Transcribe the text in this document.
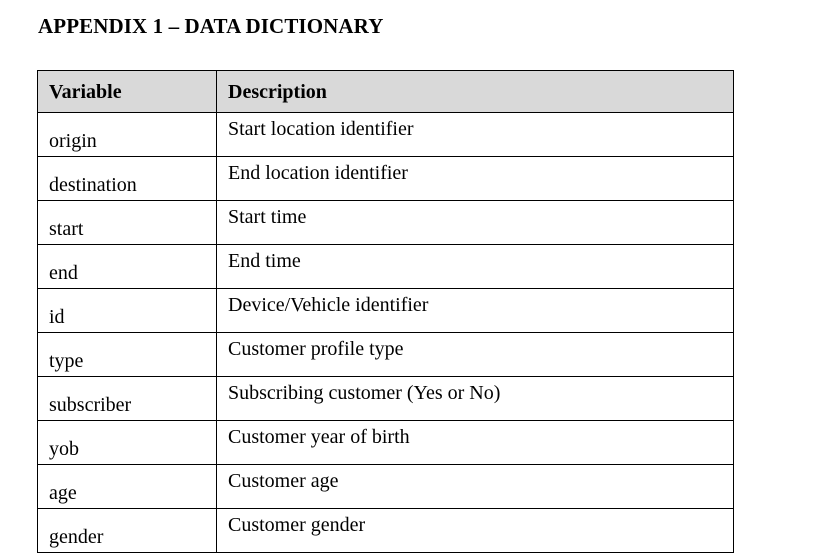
APPENDIX 1 – DATA DICTIONARY
Variable	Description
origin	Start location identifier
destination	End location identifier
start	Start time
end	End time
id	Device/Vehicle identifier
type	Customer profile type
subscriber	Subscribing customer (Yes or No)
yob	Customer year of birth
age	Customer age
gender	Customer gender
